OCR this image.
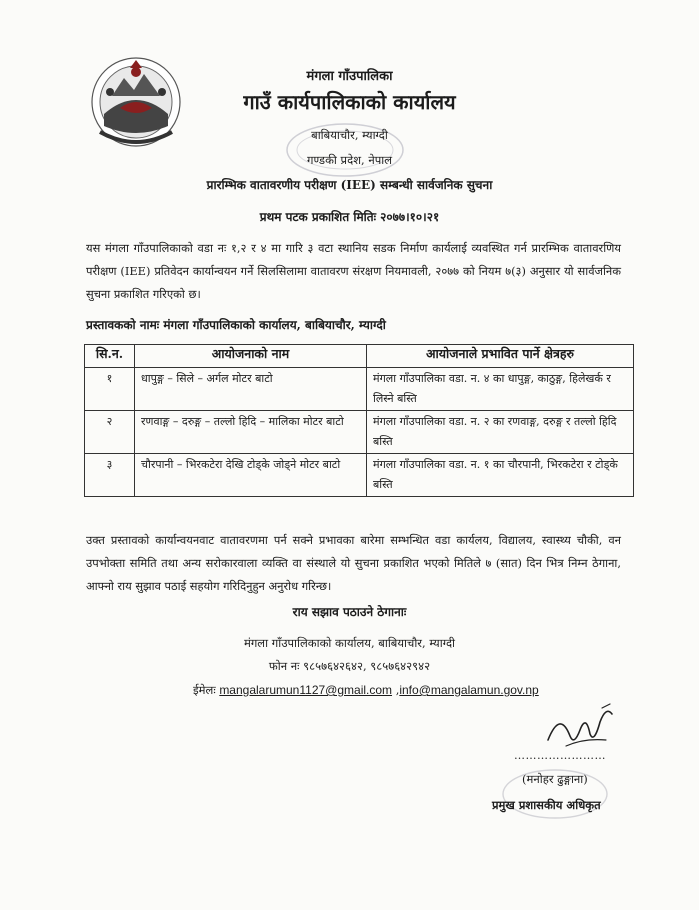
मंगला गाँउपालिका
गाउँ कार्यपालिकाको कार्यालय
बाबियाचौर, म्याग्दी
गण्डकी प्रदेश, नेपाल
प्रारम्भिक वातावरणीय परीक्षण (IEE) सम्बन्धी सार्वजनिक सुचना
प्रथम पटक प्रकाशित मितिः २०७७।१०।२१
यस मंगला गाँउपालिकाको वडा नः १,२ र ४ मा गारि ३ वटा स्थानिय सडक निर्माण कार्यलाई व्यवस्थित गर्न प्रारम्भिक वातावरणिय परीक्षण (IEE) प्रतिवेदन कार्यान्वयन गर्ने सिलसिलामा वातावरण संरक्षण नियमावली, २०७७ को नियम ७(३) अनुसार यो सार्वजनिक सुचना प्रकाशित गरिएको छ।
प्रस्तावकको नामः मंगला गाँउपालिकाको कार्यालय, बाबियाचौर, म्याग्दी
सि.न.	आयोजनाको नाम	आयोजनाले प्रभावित पार्ने क्षेत्रहरु
१	धापुङ्ग – सिले – अर्गल मोटर बाटो	मंगला गाँउपालिका वडा. न. ४ का धापुङ्ग, काठुङ्ग, हिलेखर्क र लिस्ने बस्ति
२	रणवाङ्ग – दरुङ्ग – तल्लो हिदि – मालिका मोटर बाटो	मंगला गाँउपालिका वडा. न. २ का रणवाङ्ग, दरुङ्ग र तल्लो हिदि बस्ति
३	चौरपानी – भिरकटेरा देखि टोड्के जोड्ने मोटर बाटो	मंगला गाँउपालिका वडा. न. १ का चौरपानी, भिरकटेरा र टोड्के बस्ति
उक्त प्रस्तावको कार्यान्वयनवाट वातावरणमा पर्न सक्ने प्रभावका बारेमा सम्भन्धित वडा कार्यलय, विद्यालय, स्वास्थ्य चौकी, वन उपभोक्ता समिति तथा अन्य सरोकारवाला व्यक्ति वा संस्थाले यो सुचना प्रकाशित भएको मितिले ७ (सात) दिन भित्र निम्न ठेगाना, आफ्नो राय सुझाव पठाई सहयोग गरिदिनुहुन अनुरोध गरिन्छ।
राय सझाव पठाउने ठेगानाः
मंगला गाँउपालिकाको कार्यालय, बाबियाचौर, म्याग्दी
फोन नः ९८५७६४२६४२, ९८५७६४२९४२
ईमेलः mangalarumun1127@gmail.com ,info@mangalamun.gov.np
……………………
(मनोहर ढुङ्गाना)
प्रमुख प्रशासकीय अधिकृत
